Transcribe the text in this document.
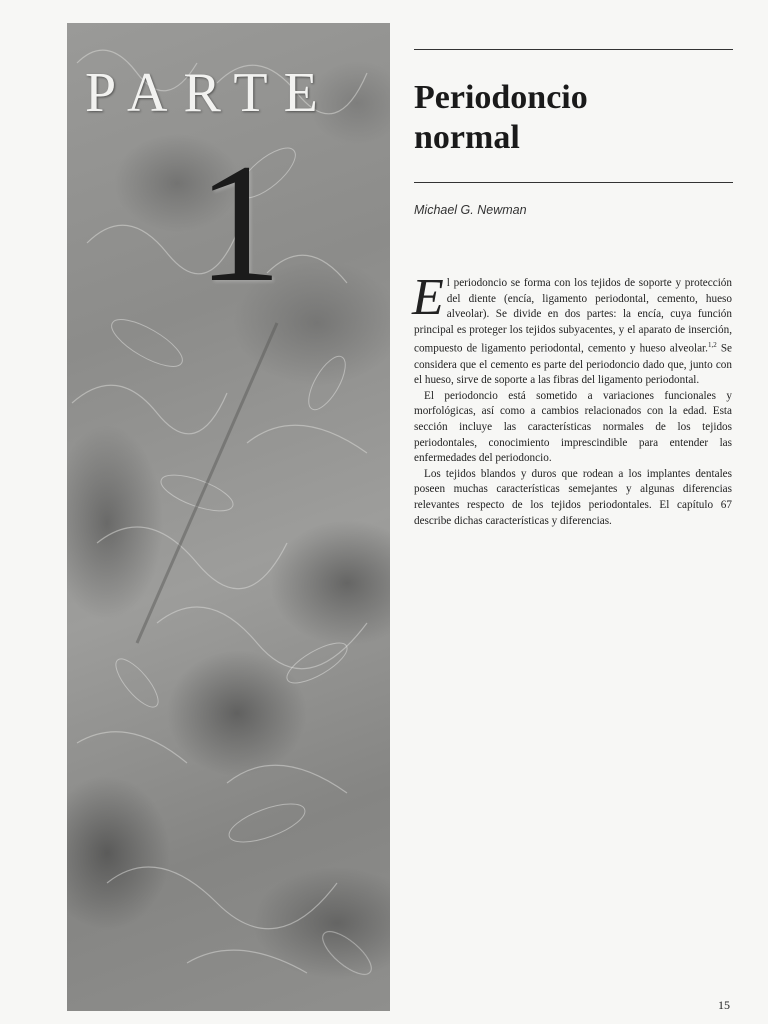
PARTE
1
Periodoncio
normal
Michael G. Newman

El periodoncio se forma con los tejidos de soporte y protección del diente (encía, ligamento periodontal, cemento, hueso alveolar). Se divide en dos partes: la encía, cuya función principal es proteger los tejidos subyacentes, y el aparato de inserción, compuesto de ligamento periodontal, cemento y hueso alveolar.$^{1,2}$ Se considera que el cemento es parte del periodoncio dado que, junto con el hueso, sirve de soporte a las fibras del ligamento periodontal.

El periodoncio está sometido a variaciones funcionales y morfológicas, así como a cambios relacionados con la edad. Esta sección incluye las características normales de los tejidos periodontales, conocimiento imprescindible para entender las enfermedades del periodoncio.

Los tejidos blandos y duros que rodean a los implantes dentales poseen muchas características semejantes y algunas diferencias relevantes respecto de los tejidos periodontales. El capítulo 67 describe dichas características y diferencias.

15
